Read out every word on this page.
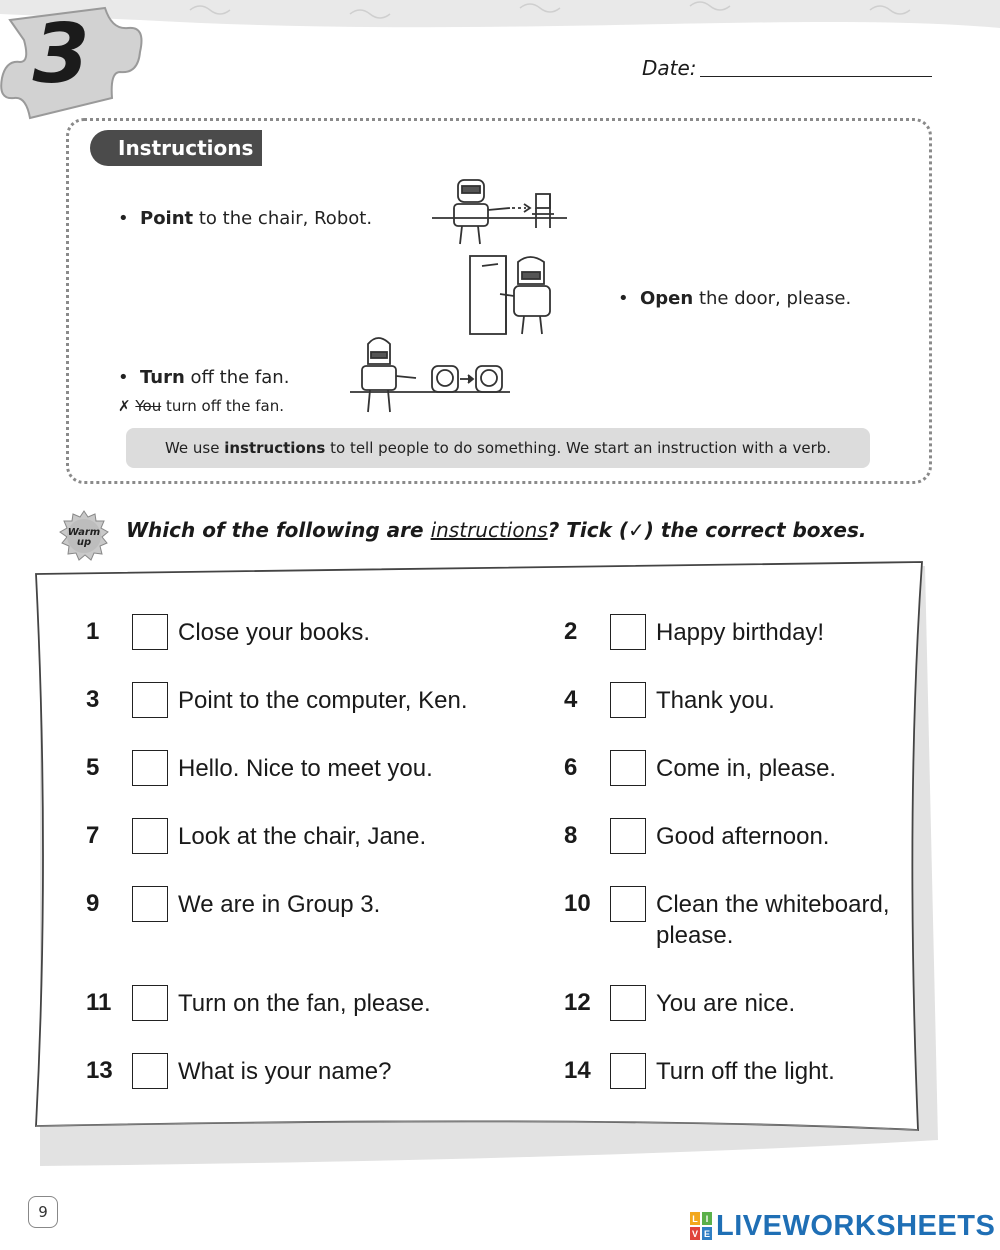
3	Date:
Instructions
• Point to the chair, Robot.
• Open the door, please.
• Turn off the fan.
✗ You turn off the fan.
We use instructions to tell people to do something. We start an instruction with a verb.
Warm
up
Which of the following are instructions? Tick (✓) the correct boxes.
1	Close your books.
3	Point to the computer, Ken.
5	Hello. Nice to meet you.
7	Look at the chair, Jane.
9	We are in Group 3.
11	Turn on the fan, please.
13	What is your name?
2	Happy birthday!
4	Thank you.
6	Come in, please.
8	Good afternoon.
10	Clean the whiteboard, please.
12	You are nice.
14	Turn off the light.
9	L I
V E LIVEWORKSHEETS
